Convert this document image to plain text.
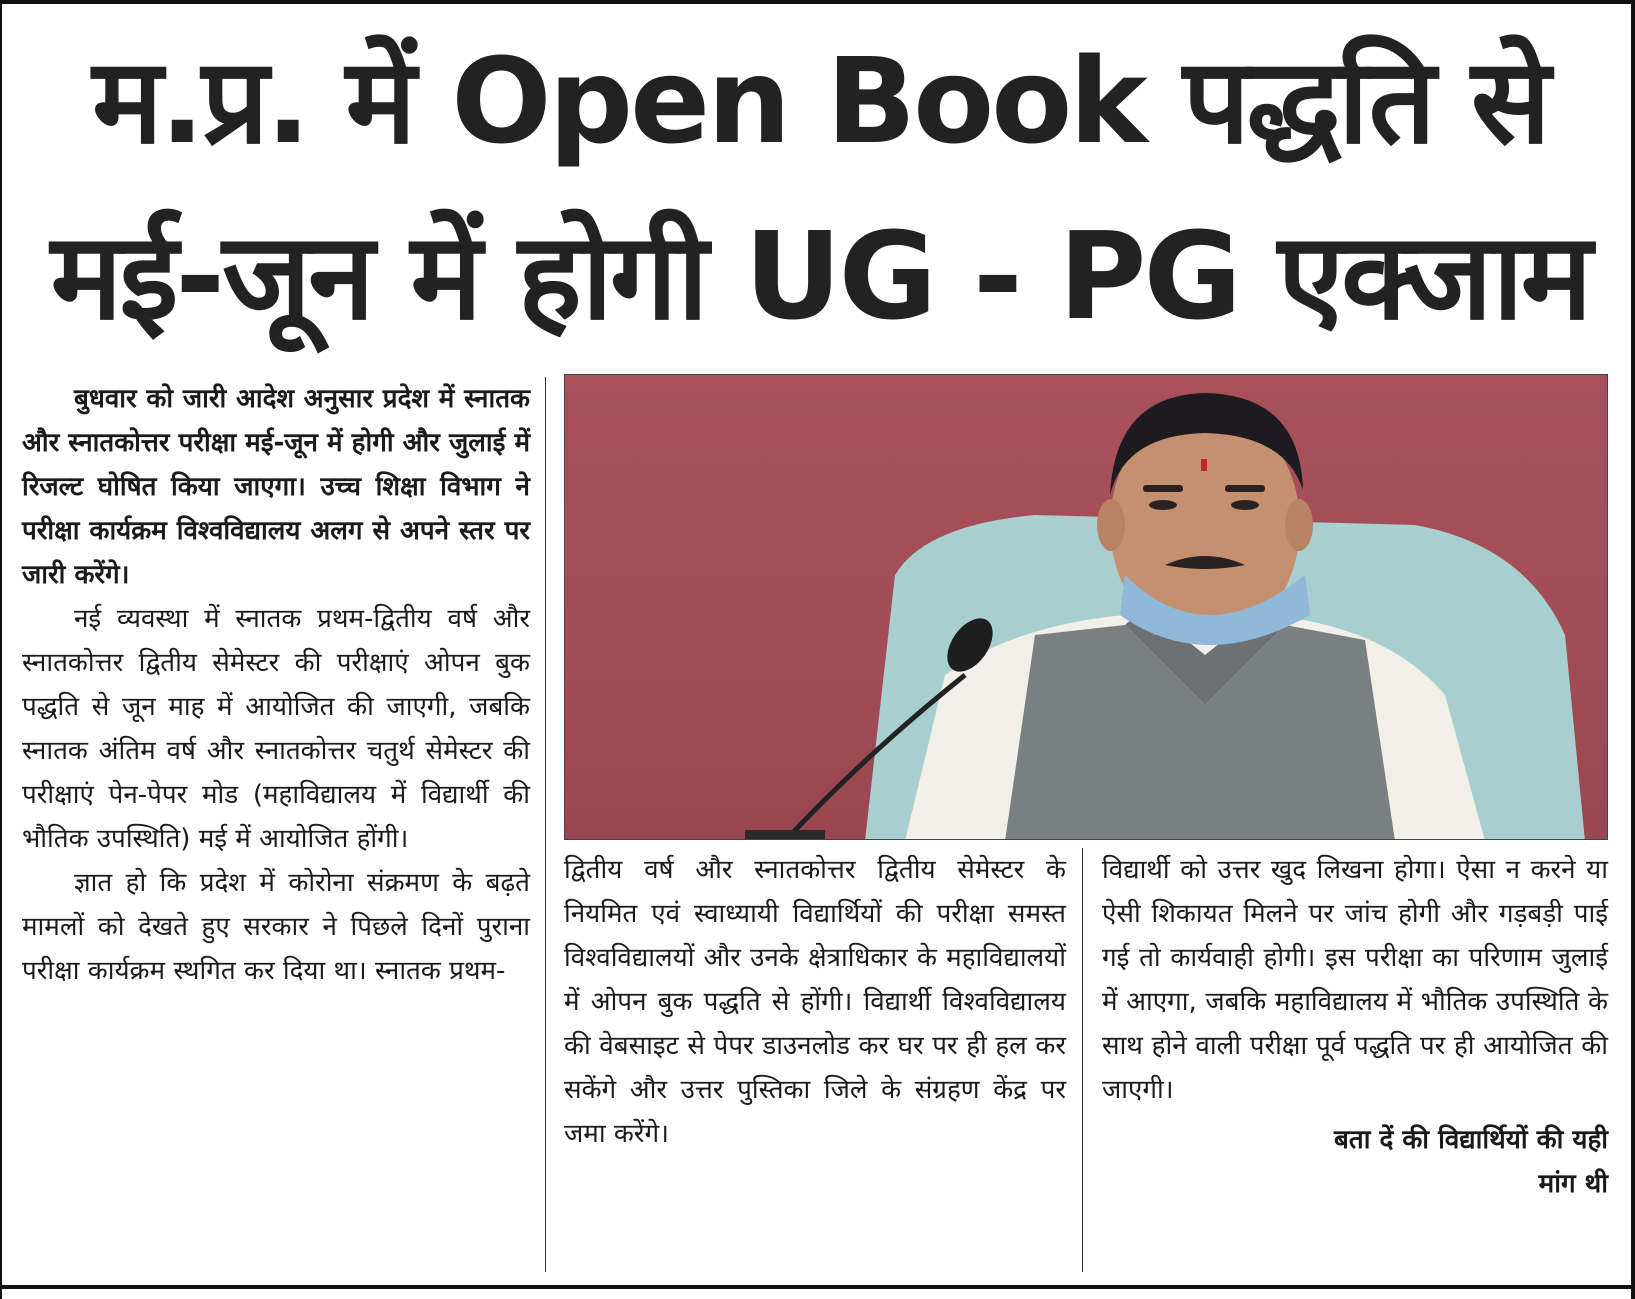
म.प्र. में Open Book पद्धति से
मई-जून में होगी UG - PG एक्जाम

बुधवार को जारी आदेश अनुसार प्रदेश में स्नातक और स्नातकोत्तर परीक्षा मई-जून में होगी और जुलाई में रिजल्ट घोषित किया जाएगा। उच्च शिक्षा विभाग ने परीक्षा कार्यक्रम विश्वविद्यालय अलग से अपने स्तर पर जारी करेंगे।

नई व्यवस्था में स्नातक प्रथम-द्वितीय वर्ष और स्नातकोत्तर द्वितीय सेमेस्टर की परीक्षाएं ओपन बुक पद्धति से जून माह में आयोजित की जाएगी, जबकि स्नातक अंतिम वर्ष और स्नातकोत्तर चतुर्थ सेमेस्टर की परीक्षाएं पेन-पेपर मोड (महाविद्यालय में विद्यार्थी की भौतिक उपस्थिति) मई में आयोजित होंगी।

ज्ञात हो कि प्रदेश में कोरोना संक्रमण के बढ़ते मामलों को देखते हुए सरकार ने पिछले दिनों पुराना परीक्षा कार्यक्रम स्थगित कर दिया था। स्नातक प्रथम-

द्वितीय वर्ष और स्नातकोत्तर द्वितीय सेमेस्टर के नियमित एवं स्वाध्यायी विद्यार्थियों की परीक्षा समस्त विश्वविद्यालयों और उनके क्षेत्राधिकार के महाविद्यालयों में ओपन बुक पद्धति से होंगी। विद्यार्थी विश्वविद्यालय की वेबसाइट से पेपर डाउनलोड कर घर पर ही हल कर सकेंगे और उत्तर पुस्तिका जिले के संग्रहण केंद्र पर जमा करेंगे।

विद्यार्थी को उत्तर खुद लिखना होगा। ऐसा न करने या ऐसी शिकायत मिलने पर जांच होगी और गड़बड़ी पाई गई तो कार्यवाही होगी। इस परीक्षा का परिणाम जुलाई में आएगा, जबकि महाविद्यालय में भौतिक उपस्थिति के साथ होने वाली परीक्षा पूर्व पद्धति पर ही आयोजित की जाएगी।

बता दें की विद्यार्थियों की यही

मांग थी
